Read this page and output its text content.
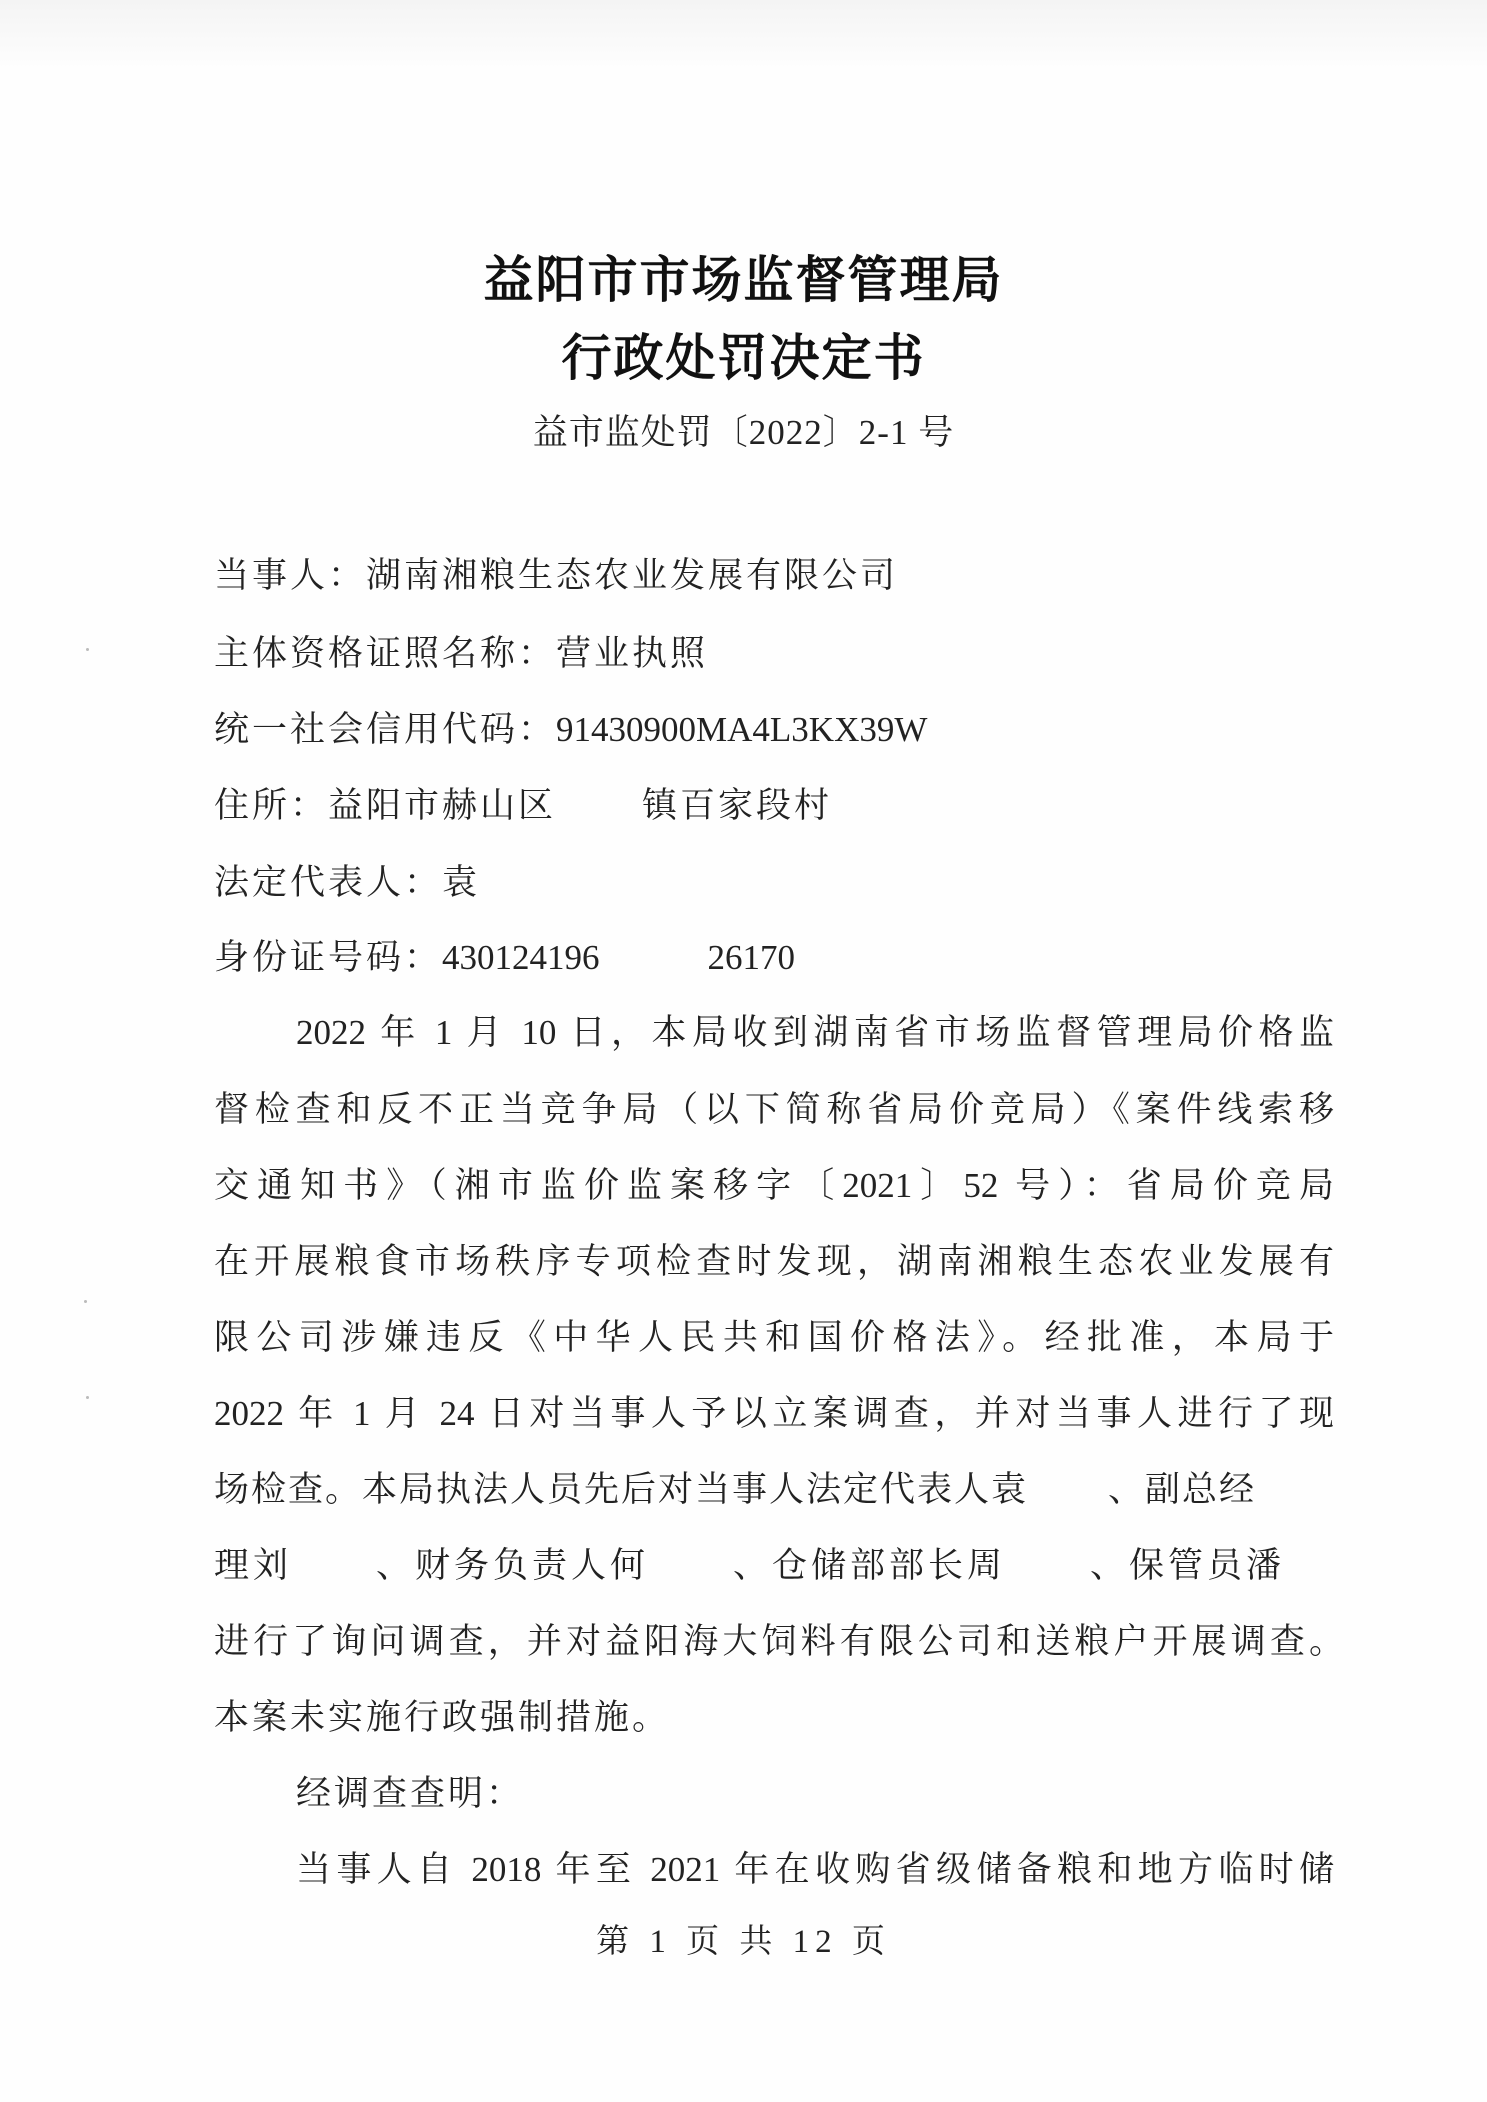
益阳市市场监督管理局
行政处罚决定书
益市监处罚〔2022〕2-1 号
当事人：湖南湘粮生态农业发展有限公司
主体资格证照名称：营业执照
统一社会信用代码：91430900MA4L3KX39W
住所：益阳市赫山区 镇百家段村
法定代表人：袁
身份证号码：430124196	26170
2022 年 1 月 10 日，本局收到湖南省市场监督管理局价格监
督检查和反不正当竞争局（以下简称省局价竞局）《案件线索移
交通知书》（湘市监价监案移字〔2021〕52 号）：省局价竞局
在开展粮食市场秩序专项检查时发现，湖南湘粮生态农业发展有
限公司涉嫌违反《中华人民共和国价格法》。经批准，本局于
2022 年 1 月 24 日对当事人予以立案调查，并对当事人进行了现
场检查。本局执法人员先后对当事人法定代表人袁 、副总经
理刘 、财务负责人何 、仓储部部长周 、保管员潘
进行了询问调查，并对益阳海大饲料有限公司和送粮户开展调查。
本案未实施行政强制措施。
经调查查明：
当事人自 2018 年至 2021 年在收购省级储备粮和地方临时储
第 1 页 共 12 页
